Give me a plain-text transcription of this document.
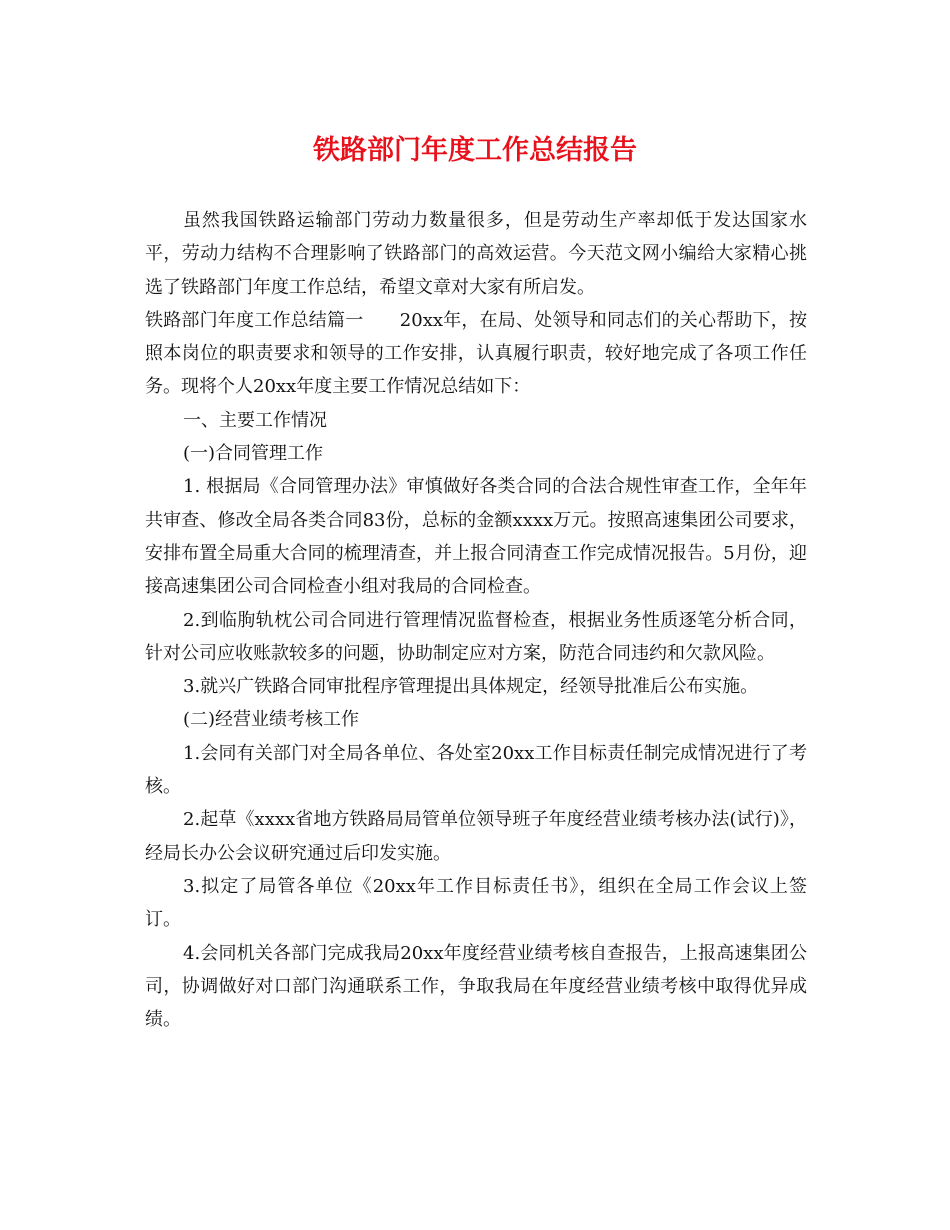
铁路部门年度工作总结报告

虽然我国铁路运输部门劳动力数量很多，但是劳动生产率却低于发达国家水平，劳动力结构不合理影响了铁路部门的高效运营。今天范文网小编给大家精心挑选了铁路部门年度工作总结，希望文章对大家有所启发。

铁路部门年度工作总结篇一　　20xx年，在局、处领导和同志们的关心帮助下，按照本岗位的职责要求和领导的工作安排，认真履行职责，较好地完成了各项工作任务。现将个人20xx年度主要工作情况总结如下：

一、主要工作情况

(一)合同管理工作

1. 根据局《合同管理办法》审慎做好各类合同的合法合规性审查工作，全年年共审查、修改全局各类合同83份，总标的金额xxxx万元。按照高速集团公司要求，安排布置全局重大合同的梳理清查，并上报合同清查工作完成情况报告。5月份，迎接高速集团公司合同检查小组对我局的合同检查。

2.到临朐轨枕公司合同进行管理情况监督检查，根据业务性质逐笔分析合同，针对公司应收账款较多的问题，协助制定应对方案，防范合同违约和欠款风险。

3.就兴广铁路合同审批程序管理提出具体规定，经领导批准后公布实施。

(二)经营业绩考核工作

1.会同有关部门对全局各单位、各处室20xx工作目标责任制完成情况进行了考核。

2.起草《xxxx省地方铁路局局管单位领导班子年度经营业绩考核办法(试行)》，经局长办公会议研究通过后印发实施。

3.拟定了局管各单位《20xx年工作目标责任书》，组织在全局工作会议上签订。

4.会同机关各部门完成我局20xx年度经营业绩考核自查报告，上报高速集团公司，协调做好对口部门沟通联系工作，争取我局在年度经营业绩考核中取得优异成绩。
